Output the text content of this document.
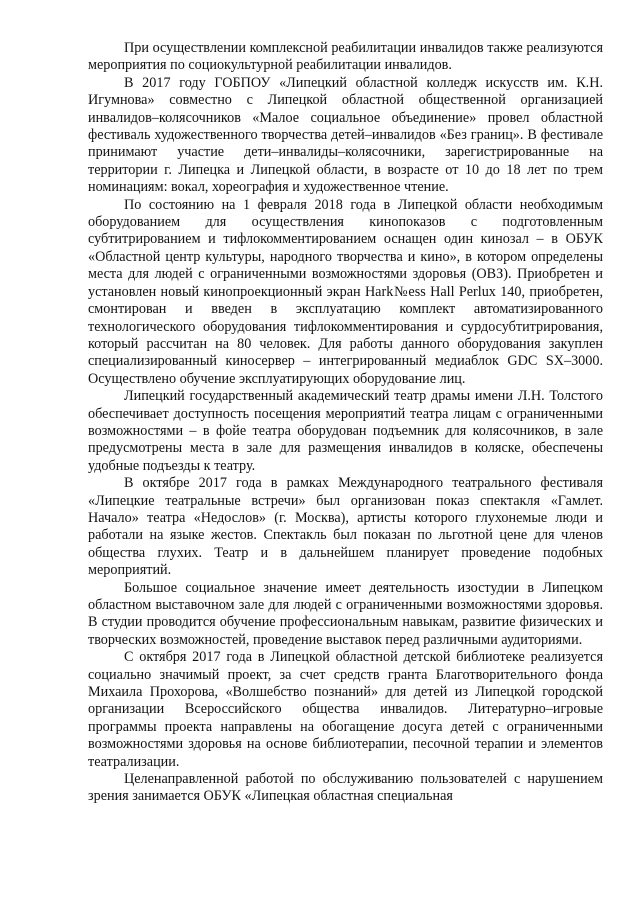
При осуществлении комплексной реабилитации инвалидов также реализуются мероприятия по социокультурной реабилитации инвалидов.

В 2017 году ГОБПОУ «Липецкий областной колледж искусств им. К.Н. Игумнова» совместно с Липецкой областной общественной организацией инвалидов–колясочников «Малое социальное объединение» провел областной фестиваль художественного творчества детей–инвалидов «Без границ». В фестивале принимают участие дети–инвалиды–колясочники, зарегистрированные на территории г. Липецка и Липецкой области, в возрасте от 10 до 18 лет по трем номинациям: вокал, хореография и художественное чтение.

По состоянию на 1 февраля 2018 года в Липецкой области необходимым оборудованием для осуществления кинопоказов с подготовленным субтитрированием и тифлокомментированием оснащен один кинозал – в ОБУК «Областной центр культуры, народного творчества и кино», в котором определены места для людей с ограниченными возможностями здоровья (ОВЗ). Приобретен и установлен новый кинопроекционный экран Hark№ess Hall Perlux 140, приобретен, смонтирован и введен в эксплуатацию комплект автоматизированного технологического оборудования тифлокомментирования и сурдосубтитрирования, который рассчитан на 80 человек. Для работы данного оборудования закуплен специализированный киносервер – интегрированный медиаблок GDC SX–3000. Осуществлено обучение эксплуатирующих оборудование лиц.

Липецкий государственный академический театр драмы имени Л.Н. Толстого обеспечивает доступность посещения мероприятий театра лицам с ограниченными возможностями – в фойе театра оборудован подъемник для колясочников, в зале предусмотрены места в зале для размещения инвалидов в коляске, обеспечены удобные подъезды к театру.

В октябре 2017 года в рамках Международного театрального фестиваля «Липецкие театральные встречи» был организован показ спектакля «Гамлет. Начало» театра «Недослов» (г. Москва), артисты которого глухонемые люди и работали на языке жестов. Спектакль был показан по льготной цене для членов общества глухих. Театр и в дальнейшем планирует проведение подобных мероприятий.

Большое социальное значение имеет деятельность изостудии в Липецком областном выставочном зале для людей с ограниченными возможностями здоровья. В студии проводится обучение профессиональным навыкам, развитие физических и творческих возможностей, проведение выставок перед различными аудиториями.

С октября 2017 года в Липецкой областной детской библиотеке реализуется социально значимый проект, за счет средств гранта Благотворительного фонда Михаила Прохорова, «Волшебство познаний» для детей из Липецкой городской организации Всероссийского общества инвалидов. Литературно–игровые программы проекта направлены на обогащение досуга детей с ограниченными возможностями здоровья на основе библиотерапии, песочной терапии и элементов театрализации.

Целенаправленной работой по обслуживанию пользователей с нарушением зрения занимается ОБУК «Липецкая областная специальная
